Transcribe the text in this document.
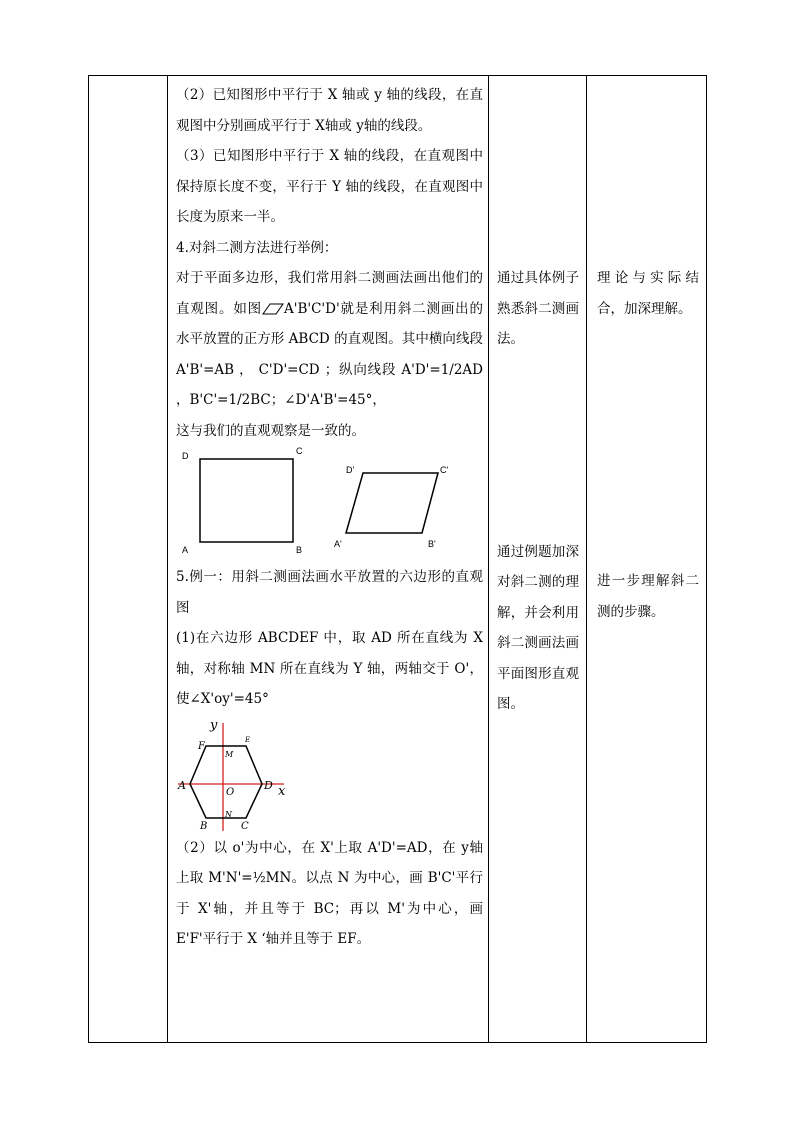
（2）已知图形中平行于 X 轴或 y 轴的线段，在直观图中分别画成平行于 X轴或 y轴的线段。

（3）已知图形中平行于 X 轴的线段，在直观图中保持原长度不变，平行于 Y 轴的线段，在直观图中长度为原来一半。

4.对斜二测方法进行举例：

对于平面多边形，我们常用斜二测画法画出他们的直观图。如图 A'B'C'D'就是利用斜二测画出的水平放置的正方形 ABCD 的直观图。其中横向线段 A'B'=AB ， C'D'=CD ；纵向线段 A'D'=1/2AD ，B'C'=1/2BC；∠D'A'B'=45°，

这与我们的直观观察是一致的。

D	C
A	B
D'	C'
A'	B'

5.例一：用斜二测画法画水平放置的六边形的直观图

(1)在六边形 ABCDEF 中，取 AD 所在直线为 X 轴，对称轴 MN 所在直线为 Y 轴，两轴交于 O'，使∠X'oy'=45°

y
x
A	D
F
E
B	C
M
N
O

（2）以 o'为中心，在 X'上取 A'D'=AD，在 y轴上取 M'N'=½MN。以点 N 为中心，画 B'C'平行于 X'轴，并且等于 BC；再以 M'为中心，画 E'F'平行于 X ‘轴并且等于 EF。

通过具体例子熟悉斜二测画法。

通过例题加深对斜二测的理解，并会利用斜二测画法画平面图形直观图。

理论与实际结合，加深理解。

进一步理解斜二测的步骤。
